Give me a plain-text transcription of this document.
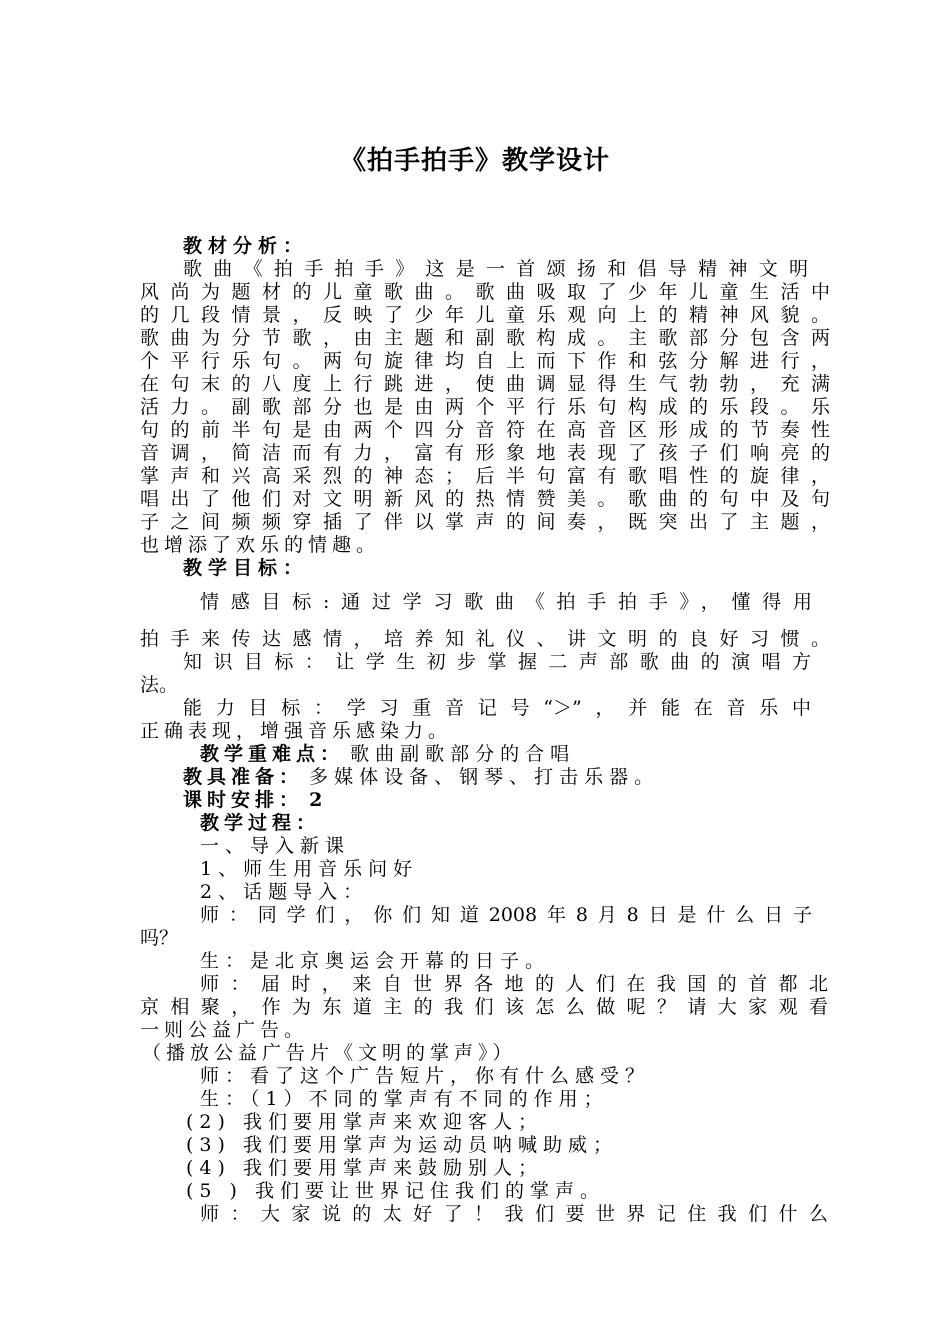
《拍手拍手》教学设计
教材分析：
歌曲《拍手拍手》这是一首颂扬和倡导精神文明
风尚为题材的儿童歌曲。歌曲吸取了少年儿童生活中
的几段情景，反映了少年儿童乐观向上的精神风貌。
歌曲为分节歌，由主题和副歌构成。主歌部分包含两
个平行乐句。两句旋律均自上而下作和弦分解进行，
在句末的八度上行跳进，使曲调显得生气勃勃，充满
活力。副歌部分也是由两个平行乐句构成的乐段。乐
句的前半句是由两个四分音符在高音区形成的节奏性
音调，简洁而有力，富有形象地表现了孩子们响亮的
掌声和兴高采烈的神态；后半句富有歌唱性的旋律，
唱出了他们对文明新风的热情赞美。歌曲的句中及句
子之间频频穿插了伴以掌声的间奏，既突出了主题，
也增添了欢乐的情趣。
教学目标：
情感目标:通过学习歌曲《拍手拍手》，懂得用
拍手来传达感情，培养知礼仪、讲文明的良好习惯。
知识目标：让学生初步掌握二声部歌曲的演唱方
法。
能力目标：学习重音记号“＞”，并能在音乐中
正确表现，增强音乐感染力。
教学重难点： 歌曲副歌部分的合唱
教具准备： 多媒体设备、钢琴、打击乐器。
课时安排： 2
教学过程：
一、导入新课
1、师生用音乐问好
2、话题导入：
师：同学们，你们知道2008年8月8日是什么日子
吗？
生：是北京奥运会开幕的日子。
师：届时，来自世界各地的人们在我国的首都北
京相聚，作为东道主的我们该怎么做呢？请大家观看
一则公益广告。
（播放公益广告片《文明的掌声》）
师：看了这个广告短片，你有什么感受？
生：（1）不同的掌声有不同的作用；
(2) 我们要用掌声来欢迎客人；
(3) 我们要用掌声为运动员呐喊助威；
(4) 我们要用掌声来鼓励别人；
(5 ) 我们要让世界记住我们的掌声。
师：大家说的太好了！我们要世界记住我们什么
